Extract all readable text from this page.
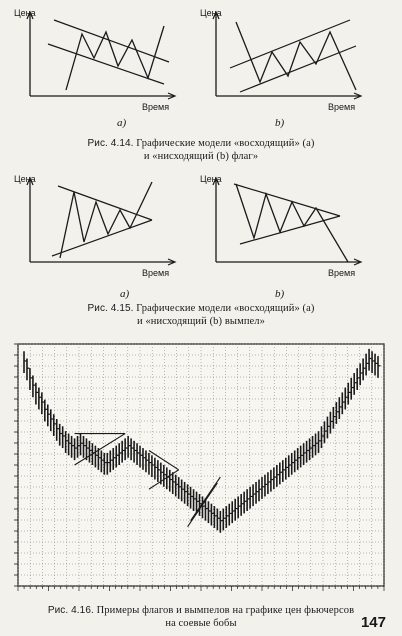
Цена
Время
a)
Цена
Время
b)
Рис. 4.14. Графические модели «восходящий» (a)
и «нисходящий (b) флаг»
Цена
Время
a)
Цена
Время
b)
Рис. 4.15. Графические модели «восходящий» (a)
и «нисходящий (b) вымпел»
Рис. 4.16. Примеры флагов и вымпелов на графике цен фьючерсов
на соевые бобы	147
